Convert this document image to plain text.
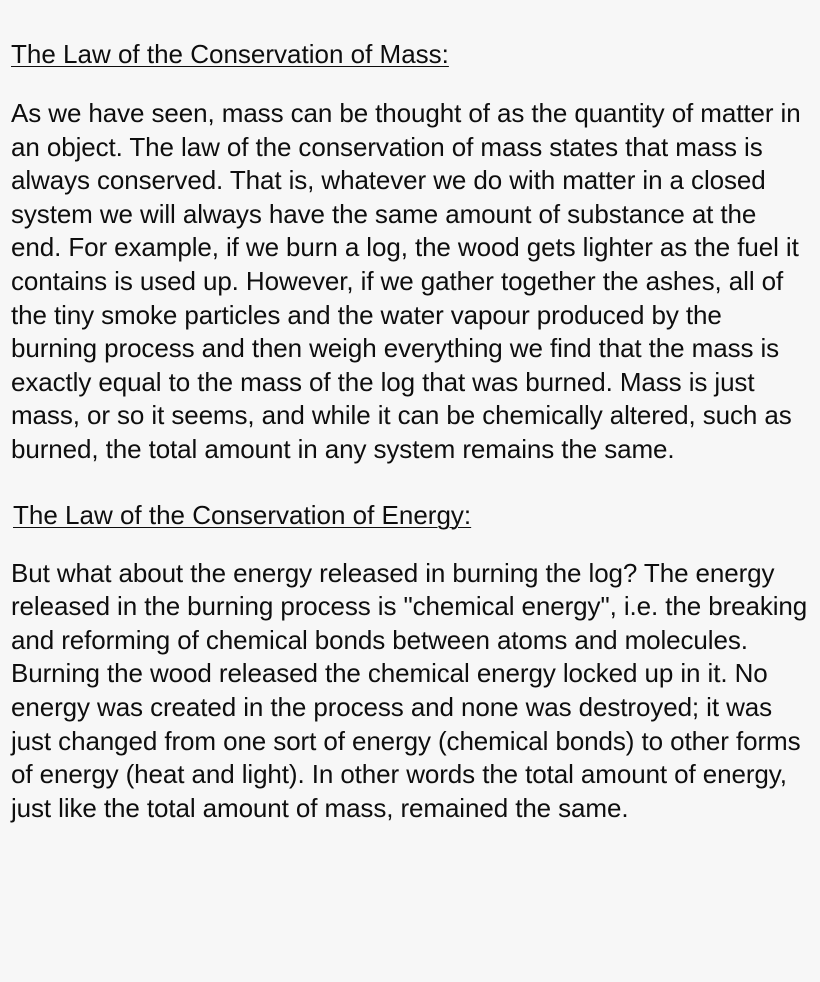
The Law of the Conservation of Mass:

As we have seen, mass can be thought of as the quantity of matter in an object. The law of the conservation of mass states that mass is always conserved. That is, whatever we do with matter in a closed system we will always have the same amount of substance at the end. For example, if we burn a log, the wood gets lighter as the fuel it contains is used up. However, if we gather together the ashes, all of the tiny smoke particles and the water vapour produced by the burning process and then weigh everything we find that the mass is exactly equal to the mass of the log that was burned. Mass is just mass, or so it seems, and while it can be chemically altered, such as burned, the total amount in any system remains the same.

The Law of the Conservation of Energy:

But what about the energy released in burning the log? The energy released in the burning process is "chemical energy", i.e. the breaking and reforming of chemical bonds between atoms and molecules. Burning the wood released the chemical energy locked up in it. No energy was created in the process and none was destroyed; it was just changed from one sort of energy (chemical bonds) to other forms of energy (heat and light). In other words the total amount of energy, just like the total amount of mass, remained the same.
